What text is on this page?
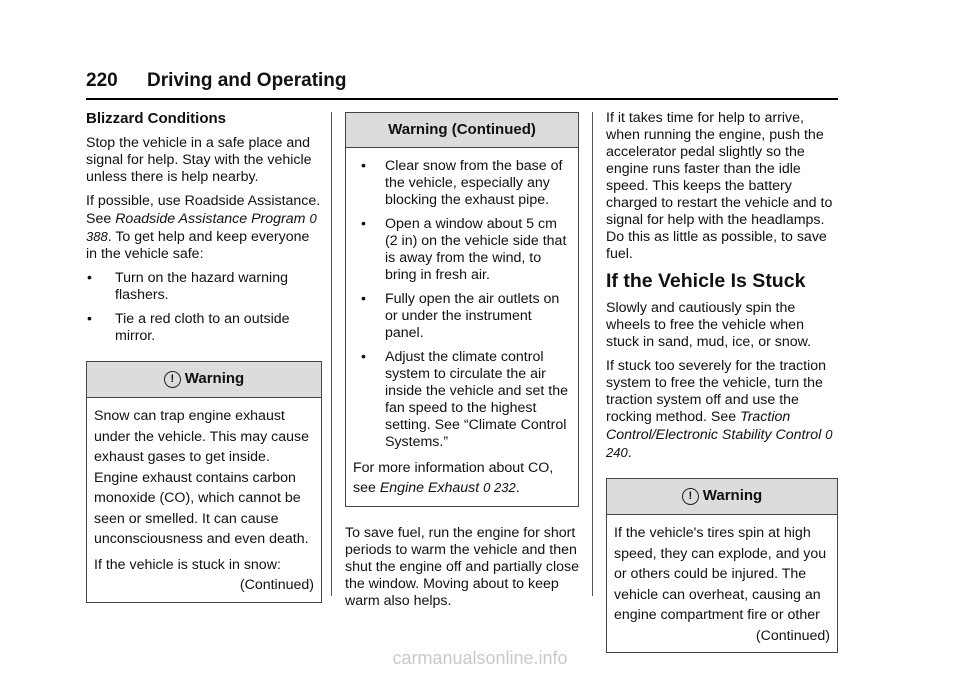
220 Driving and Operating
Blizzard Conditions

Stop the vehicle in a safe place and signal for help. Stay with the vehicle unless there is help nearby.

If possible, use Roadside Assistance. See Roadside Assistance Program 0 388. To get help and keep everyone in the vehicle safe:

•	Turn on the hazard warning flashers.
•	Tie a red cloth to an outside mirror.
! Warning

Snow can trap engine exhaust under the vehicle. This may cause exhaust gases to get inside. Engine exhaust contains carbon monoxide (CO), which cannot be seen or smelled. It can cause unconsciousness and even death.

If the vehicle is stuck in snow:

(Continued)
Warning (Continued)
•	Clear snow from the base of the vehicle, especially any blocking the exhaust pipe.
•	Open a window about 5 cm (2 in) on the vehicle side that is away from the wind, to bring in fresh air.
•	Fully open the air outlets on or under the instrument panel.
•	Adjust the climate control system to circulate the air inside the vehicle and set the fan speed to the highest setting. See “Climate Control Systems.”

For more information about CO, see Engine Exhaust 0 232.

To save fuel, run the engine for short periods to warm the vehicle and then shut the engine off and partially close the window. Moving about to keep warm also helps.

If it takes time for help to arrive, when running the engine, push the accelerator pedal slightly so the engine runs faster than the idle speed. This keeps the battery charged to restart the vehicle and to signal for help with the headlamps. Do this as little as possible, to save fuel.

If the Vehicle Is Stuck

Slowly and cautiously spin the wheels to free the vehicle when stuck in sand, mud, ice, or snow.

If stuck too severely for the traction system to free the vehicle, turn the traction system off and use the rocking method. See Traction Control/Electronic Stability Control 0 240.

! Warning

If the vehicle's tires spin at high speed, they can explode, and you or others could be injured. The vehicle can overheat, causing an engine compartment fire or other

(Continued)
carmanualsonline.info
